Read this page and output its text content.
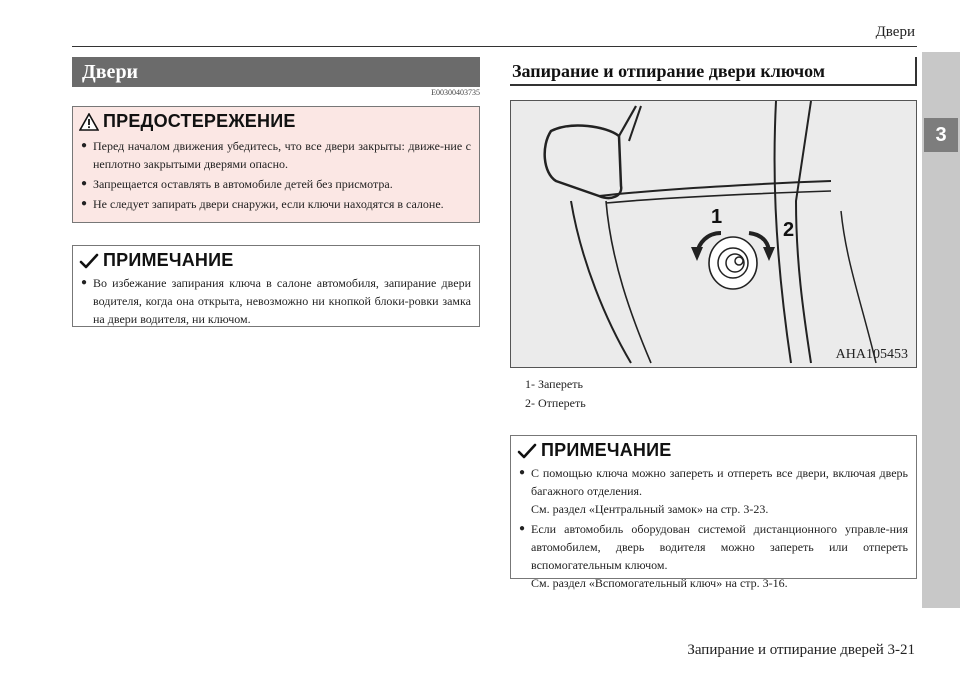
Двери
3
Двери
E00300403735
ПРЕДОСТЕРЕЖЕНИЕ
● Перед началом движения убедитесь, что все двери закрыты: движе-ние с неплотно закрытыми дверями опасно.
● Запрещается оставлять в автомобиле детей без присмотра.
● Не следует запирать двери снаружи, если ключи находятся в салоне.
ПРИМЕЧАНИЕ
● Во избежание запирания ключа в салоне автомобиля, запирание двери водителя, когда она открыта, невозможно ни кнопкой блоки-ровки замка на двери водителя, ни ключом.
Запирание и отпирание двери ключом
1
2
AHA105453
1- Запереть
2- Отпереть
ПРИМЕЧАНИЕ
● С помощью ключа можно запереть и отпереть все двери, включая дверь багажного отделения.
См. раздел «Центральный замок» на стр. 3-23.
● Если автомобиль оборудован системой дистанционного управле-ния автомобилем, дверь водителя можно запереть или отпереть вспомогательным ключом.
См. раздел «Вспомогательный ключ» на стр. 3-16.
Запирание и отпирание дверей 3-21
